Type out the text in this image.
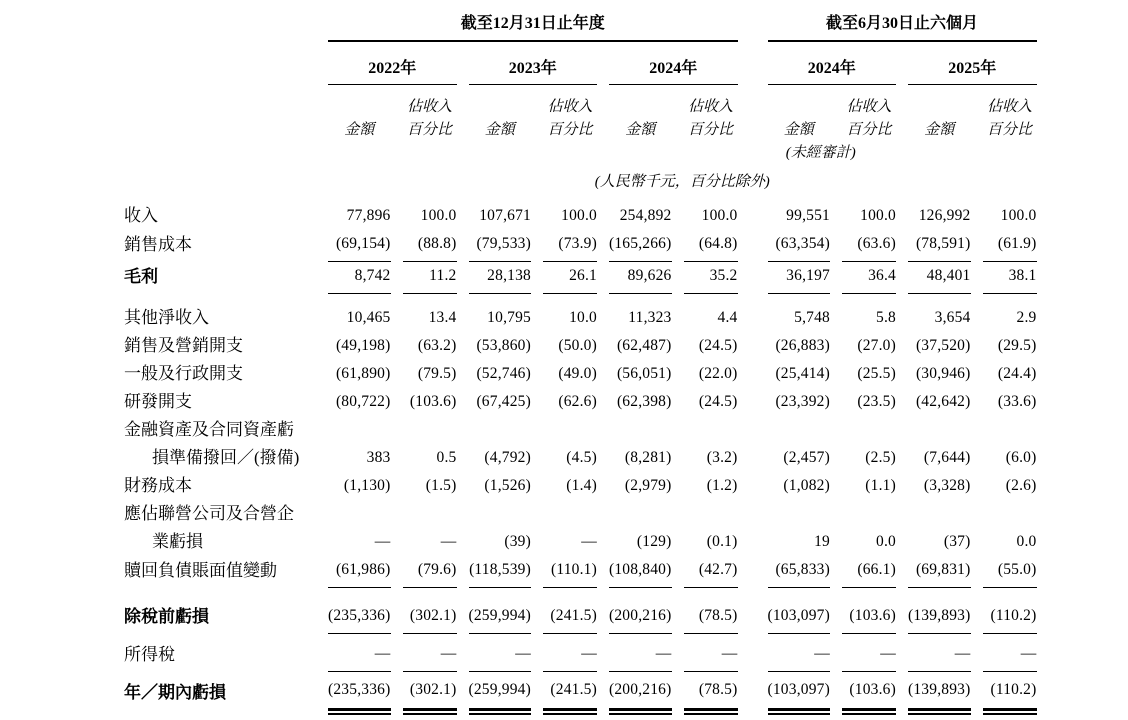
	截至12月31日止年度							截至6月30日止六個月			
	2022年		2023年		2024年			2024年		2025年	
		佔收入		佔收入		佔收入			佔收入		佔收入
	金額	百分比	金額	百分比	金額	百分比		金額	百分比	金額	百分比
								(未經審計)			
	(人民幣千元，百分比除外)										
收入	77,896	100.0	107,671	100.0	254,892	100.0		99,551	100.0	126,992	100.0
銷售成本	(69,154)	(88.8)	(79,533)	(73.9)	(165,266)	(64.8)		(63,354)	(63.6)	(78,591)	(61.9)
毛利	8,742	11.2	28,138	26.1	89,626	35.2		36,197	36.4	48,401	38.1

其他淨收入	10,465	13.4	10,795	10.0	11,323	4.4		5,748	5.8	3,654	2.9
銷售及營銷開支	(49,198)	(63.2)	(53,860)	(50.0)	(62,487)	(24.5)		(26,883)	(27.0)	(37,520)	(29.5)
一般及行政開支	(61,890)	(79.5)	(52,746)	(49.0)	(56,051)	(22.0)		(25,414)	(25.5)	(30,946)	(24.4)
研發開支	(80,722)	(103.6)	(67,425)	(62.6)	(62,398)	(24.5)		(23,392)	(23.5)	(42,642)	(33.6)

金融資產及合同資產虧
損準備撥回／(撥備)	383	0.5	(4,792)	(4.5)	(8,281)	(3.2)		(2,457)	(2.5)	(7,644)	(6.0)
財務成本	(1,130)	(1.5)	(1,526)	(1.4)	(2,979)	(1.2)		(1,082)	(1.1)	(3,328)	(2.6)

應佔聯營公司及合營企
業虧損	—	—	(39)	—	(129)	(0.1)		19	0.0	(37)	0.0
贖回負債賬面值變動	(61,986)	(79.6)	(118,539)	(110.1)	(108,840)	(42.7)		(65,833)	(66.1)	(69,831)	(55.0)

除稅前虧損	(235,336)	(302.1)	(259,994)	(241.5)	(200,216)	(78.5)		(103,097)	(103.6)	(139,893)	(110.2)

所得稅	—	—	—	—	—	—		—	—	—	—

年／期內虧損	(235,336)	(302.1)	(259,994)	(241.5)	(200,216)	(78.5)		(103,097)	(103.6)	(139,893)	(110.2)
